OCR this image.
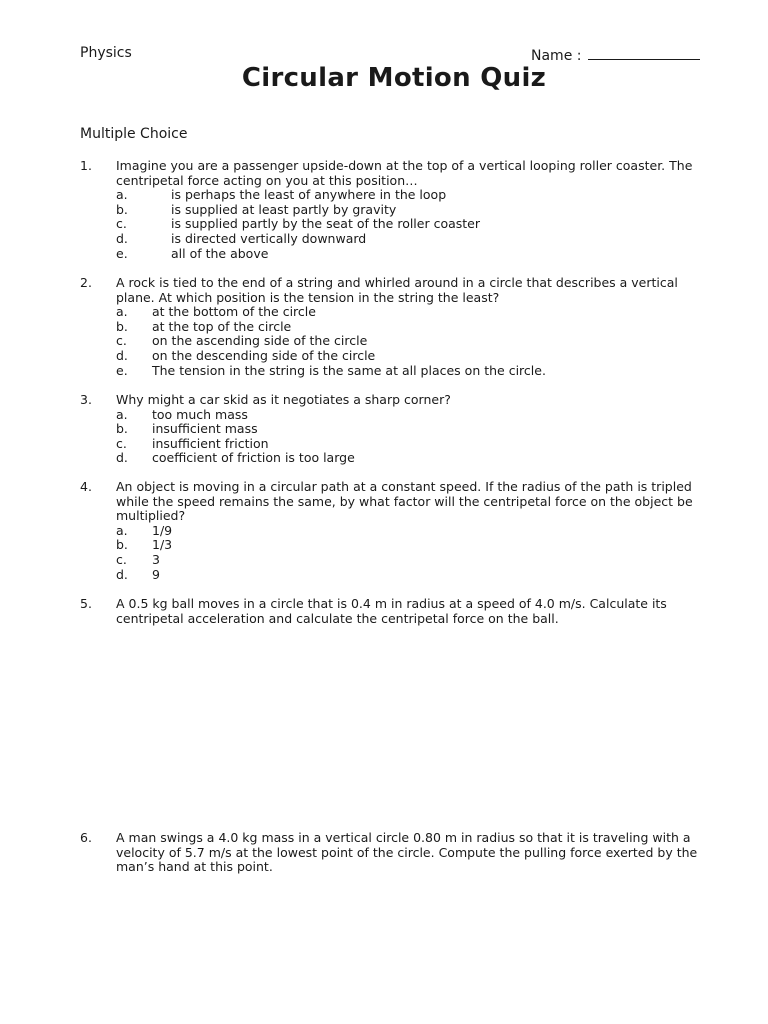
Physics	Name :
Circular Motion Quiz
Multiple Choice
1. Imagine you are a passenger upside-down at the top of a vertical looping roller coaster. The centripetal force acting on you at this position…
a.	is perhaps the least of anywhere in the loop
b.	is supplied at least partly by gravity
c.	is supplied partly by the seat of the roller coaster
d.	is directed vertically downward
e.	all of the above
2. A rock is tied to the end of a string and whirled around in a circle that describes a vertical plane. At which position is the tension in the string the least?
a. at the bottom of the circle
b. at the top of the circle
c. on the ascending side of the circle
d. on the descending side of the circle
e. The tension in the string is the same at all places on the circle.
3. Why might a car skid as it negotiates a sharp corner?
a. too much mass
b. insufficient mass
c. insufficient friction
d. coefficient of friction is too large
4. An object is moving in a circular path at a constant speed. If the radius of the path is tripled while the speed remains the same, by what factor will the centripetal force on the object be multiplied?
a. 1/9
b. 1/3
c. 3
d. 9
5. A 0.5 kg ball moves in a circle that is 0.4 m in radius at a speed of 4.0 m/s. Calculate its centripetal acceleration and calculate the centripetal force on the ball.
6. A man swings a 4.0 kg mass in a vertical circle 0.80 m in radius so that it is traveling with a velocity of 5.7 m/s at the lowest point of the circle. Compute the pulling force exerted by the man’s hand at this point.
